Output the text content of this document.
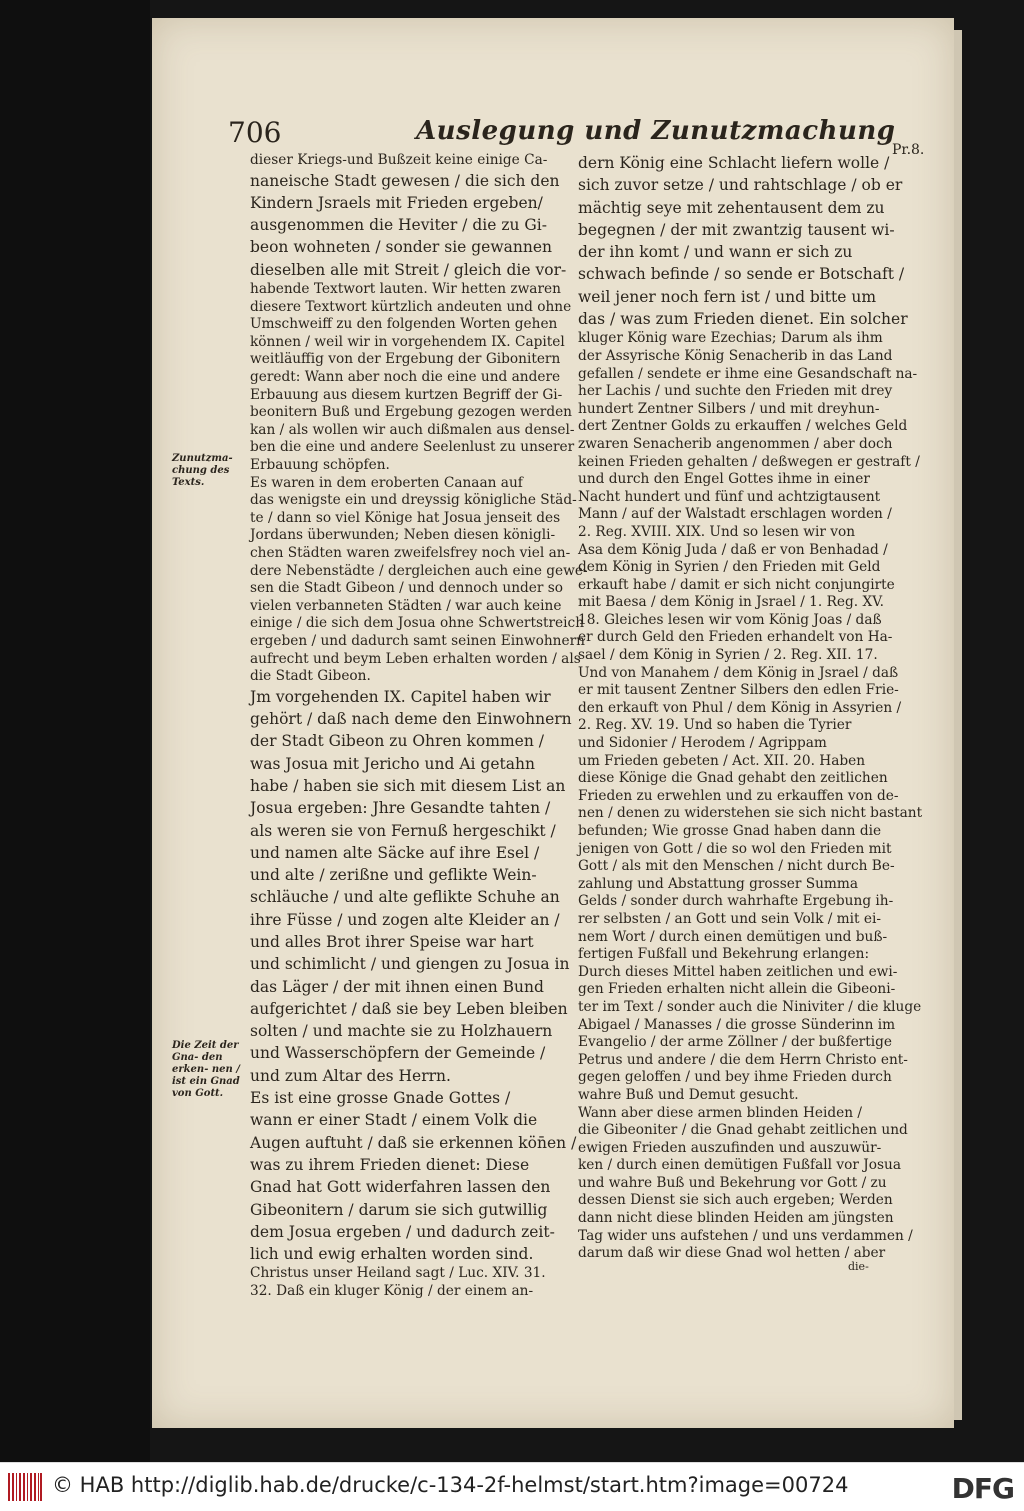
706	Auslegung und Zunutzmachung
Pr.8.
Zunutzma- chung des Texts.
Die Zeit der Gna- den erken- nen / ist ein Gnad von Gott.

dieser Kriegs-und Bußzeit keine einige Ca-

naneische Stadt gewesen / die sich den

Kindern Jsraels mit Frieden ergeben/

ausgenommen die Heviter / die zu Gi-

beon wohneten / sonder sie gewannen

dieselben alle mit Streit / gleich die vor-

habende Textwort lauten. Wir hetten zwaren

diesere Textwort kürtzlich andeuten und ohne

Umschweiff zu den folgenden Worten gehen

können / weil wir in vorgehendem IX. Capitel

weitläuffig von der Ergebung der Gibonitern

geredt: Wann aber noch die eine und andere

Erbauung aus diesem kurtzen Begriff der Gi-

beonitern Buß und Ergebung gezogen werden

kan / als wollen wir auch dißmalen aus densel-

ben die eine und andere Seelenlust zu unserer

Erbauung schöpfen.

Es waren in dem eroberten Canaan auf

das wenigste ein und dreyssig königliche Städ-

te / dann so viel Könige hat Josua jenseit des

Jordans überwunden; Neben diesen königli-

chen Städten waren zweifelsfrey noch viel an-

dere Nebenstädte / dergleichen auch eine gewe-

sen die Stadt Gibeon / und dennoch under so

vielen verbanneten Städten / war auch keine

einige / die sich dem Josua ohne Schwertstreich

ergeben / und dadurch samt seinen Einwohnern

aufrecht und beym Leben erhalten worden / als

die Stadt Gibeon.

Jm vorgehenden IX. Capitel haben wir

gehört / daß nach deme den Einwohnern

der Stadt Gibeon zu Ohren kommen /

was Josua mit Jericho und Ai getahn

habe / haben sie sich mit diesem List an

Josua ergeben: Jhre Gesandte tahten /

als weren sie von Fernuß hergeschikt /

und namen alte Säcke auf ihre Esel /

und alte / zerißne und geflikte Wein-

schläuche / und alte geflikte Schuhe an

ihre Füsse / und zogen alte Kleider an /

und alles Brot ihrer Speise war hart

und schimlicht / und giengen zu Josua in

das Läger / der mit ihnen einen Bund

aufgerichtet / daß sie bey Leben bleiben

solten / und machte sie zu Holzhauern

und Wasserschöpfern der Gemeinde /

und zum Altar des Herrn.

Es ist eine grosse Gnade Gottes /

wann er einer Stadt / einem Volk die

Augen auftuht / daß sie erkennen kön̄en /

was zu ihrem Frieden dienet: Diese

Gnad hat Gott widerfahren lassen den

Gibeonitern / darum sie sich gutwillig

dem Josua ergeben / und dadurch zeit-

lich und ewig erhalten worden sind.

Christus unser Heiland sagt / Luc. XIV. 31.

32. Daß ein kluger König / der einem an-

dern König eine Schlacht liefern wolle /

sich zuvor setze / und rahtschlage / ob er

mächtig seye mit zehentausent dem zu

begegnen / der mit zwantzig tausent wi-

der ihn komt / und wann er sich zu

schwach befinde / so sende er Botschaft /

weil jener noch fern ist / und bitte um

das / was zum Frieden dienet. Ein solcher

kluger König ware Ezechias; Darum als ihm

der Assyrische König Senacherib in das Land

gefallen / sendete er ihme eine Gesandschaft na-

her Lachis / und suchte den Frieden mit drey

hundert Zentner Silbers / und mit dreyhun-

dert Zentner Golds zu erkauffen / welches Geld

zwaren Senacherib angenommen / aber doch

keinen Frieden gehalten / deßwegen er gestraft /

und durch den Engel Gottes ihme in einer

Nacht hundert und fünf und achtzigtausent

Mann / auf der Walstadt erschlagen worden /

2. Reg. XVIII. XIX. Und so lesen wir von

Asa dem König Juda / daß er von Benhadad /

dem König in Syrien / den Frieden mit Geld

erkauft habe / damit er sich nicht conjungirte

mit Baesa / dem König in Jsrael / 1. Reg. XV.

18. Gleiches lesen wir vom König Joas / daß

er durch Geld den Frieden erhandelt von Ha-

sael / dem König in Syrien / 2. Reg. XII. 17.

Und von Manahem / dem König in Jsrael / daß

er mit tausent Zentner Silbers den edlen Frie-

den erkauft von Phul / dem König in Assyrien /

2. Reg. XV. 19. Und so haben die Tyrier

und Sidonier / Herodem / Agrippam

um Frieden gebeten / Act. XII. 20. Haben

diese Könige die Gnad gehabt den zeitlichen

Frieden zu erwehlen und zu erkauffen von de-

nen / denen zu widerstehen sie sich nicht bastant

befunden; Wie grosse Gnad haben dann die

jenigen von Gott / die so wol den Frieden mit

Gott / als mit den Menschen / nicht durch Be-

zahlung und Abstattung grosser Summa

Gelds / sonder durch wahrhafte Ergebung ih-

rer selbsten / an Gott und sein Volk / mit ei-

nem Wort / durch einen demütigen und buß-

fertigen Fußfall und Bekehrung erlangen:

Durch dieses Mittel haben zeitlichen und ewi-

gen Frieden erhalten nicht allein die Gibeoni-

ter im Text / sonder auch die Niniviter / die kluge

Abigael / Manasses / die grosse Sünderinn im

Evangelio / der arme Zöllner / der bußfertige

Petrus und andere / die dem Herrn Christo ent-

gegen geloffen / und bey ihme Frieden durch

wahre Buß und Demut gesucht.

Wann aber diese armen blinden Heiden /

die Gibeoniter / die Gnad gehabt zeitlichen und

ewigen Frieden auszufinden und auszuwür-

ken / durch einen demütigen Fußfall vor Josua

und wahre Buß und Bekehrung vor Gott / zu

dessen Dienst sie sich auch ergeben; Werden

dann nicht diese blinden Heiden am jüngsten

Tag wider uns aufstehen / und uns verdammen /

darum daß wir diese Gnad wol hetten / aber

die-
© HAB http://diglib.hab.de/drucke/c-134-2f-helmst/start.htm?image=00724	DFG
